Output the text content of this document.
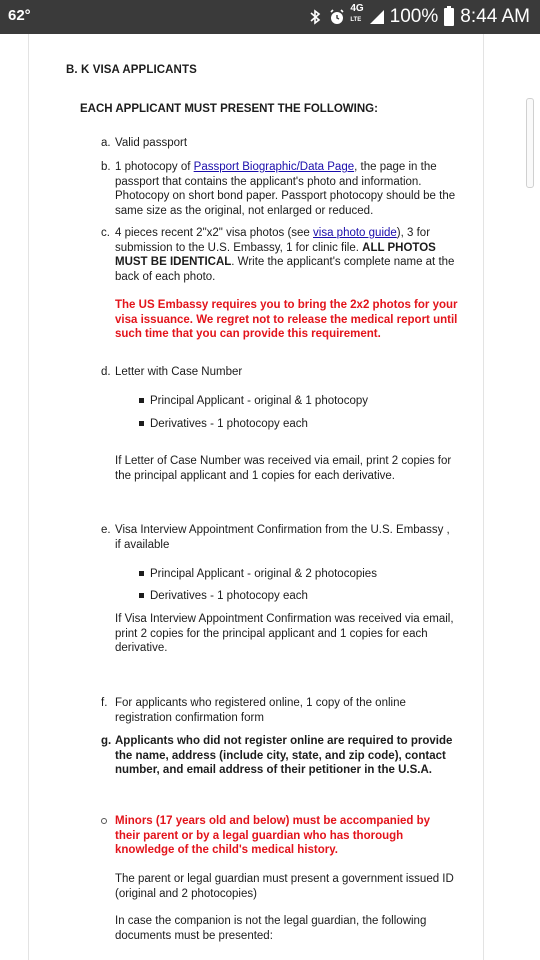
62°	4G
LTE 100% 8:44 AM
B. K VISA APPLICANTS
EACH APPLICANT MUST PRESENT THE FOLLOWING:
a. Valid passport
b. 1 photocopy of Passport Biographic/Data Page, the page in the passport that contains the applicant's photo and information. Photocopy on short bond paper. Passport photocopy should be the same size as the original, not enlarged or reduced.
c. 4 pieces recent 2"x2" visa photos (see visa photo guide), 3 for submission to the U.S. Embassy, 1 for clinic file. ALL PHOTOS MUST BE IDENTICAL. Write the applicant's complete name at the back of each photo.
The US Embassy requires you to bring the 2x2 photos for your visa issuance. We regret not to release the medical report until such time that you can provide this requirement.
d. Letter with Case Number
Principal Applicant - original & 1 photocopy
Derivatives - 1 photocopy each
If Letter of Case Number was received via email, print 2 copies for the principal applicant and 1 copies for each derivative.
e. Visa Interview Appointment Confirmation from the U.S. Embassy , if available
Principal Applicant - original & 2 photocopies
Derivatives - 1 photocopy each
If Visa Interview Appointment Confirmation was received via email, print 2 copies for the principal applicant and 1 copies for each derivative.
f. For applicants who registered online, 1 copy of the online registration confirmation form
g. Applicants who did not register online are required to provide the name, address (include city, state, and zip code), contact number, and email address of their petitioner in the U.S.A.
Minors (17 years old and below) must be accompanied by their parent or by a legal guardian who has thorough knowledge of the child's medical history.
The parent or legal guardian must present a government issued ID (original and 2 photocopies)
In case the companion is not the legal guardian, the following documents must be presented:
